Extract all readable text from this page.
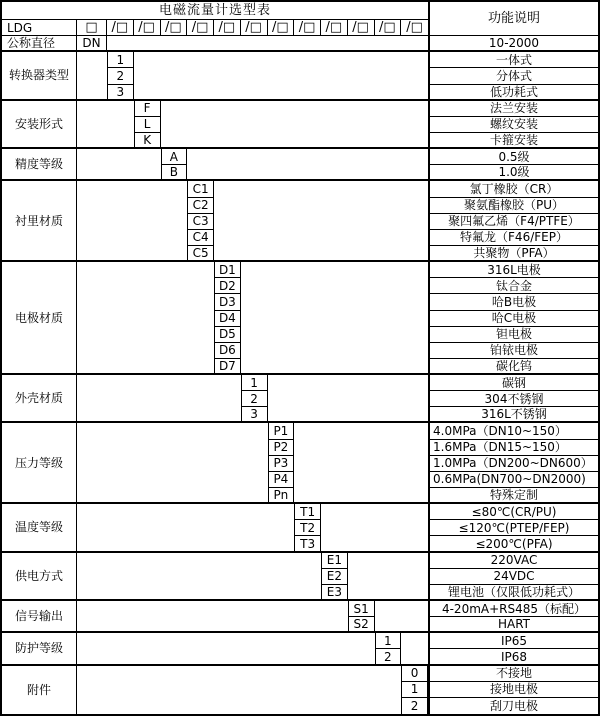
电磁流量计选型表
功能说明
LDG	□	/□ /□ /□ /□ /□ /□ /□ /□ /□ /□ /□ /□
公称直径	DN	10-2000
转换器类型
1	一体式
2	分体式
3	低功耗式
安装形式
F	法兰安装
L	螺纹安装
K	卡箍安装
精度等级
A	0.5级
B	1.0级
衬里材质
C1	氯丁橡胶（CR）
C2	聚氨酯橡胶（PU）
C3	聚四氟乙烯（F4/PTFE）
C4	特氟龙（F46/FEP）
C5	共聚物（PFA）
电极材质
D1	316L电极
D2	钛合金
D3	哈B电极
D4	哈C电极
D5	钽电极
D6	铂铱电极
D7	碳化钨
外壳材质
1	碳钢
2	304不锈钢
3	316L不锈钢
压力等级
P1	4.0MPa（DN10~150）
P2	1.6MPa（DN15~150）
P3	1.0MPa（DN200~DN600）
P4	0.6MPa(DN700~DN2000)
Pn	特殊定制
温度等级
T1	≤80℃(CR/PU)
T2	≤120℃(PTEP/FEP)
T3	≤200℃(PFA)
供电方式
E1	220VAC
E2	24VDC
E3	锂电池（仅限低功耗式）
信号输出
S1	4-20mA+RS485（标配）
S2	HART
防护等级
1	IP65
2	IP68
附件
0	不接地
1	接地电极
2	刮刀电极
